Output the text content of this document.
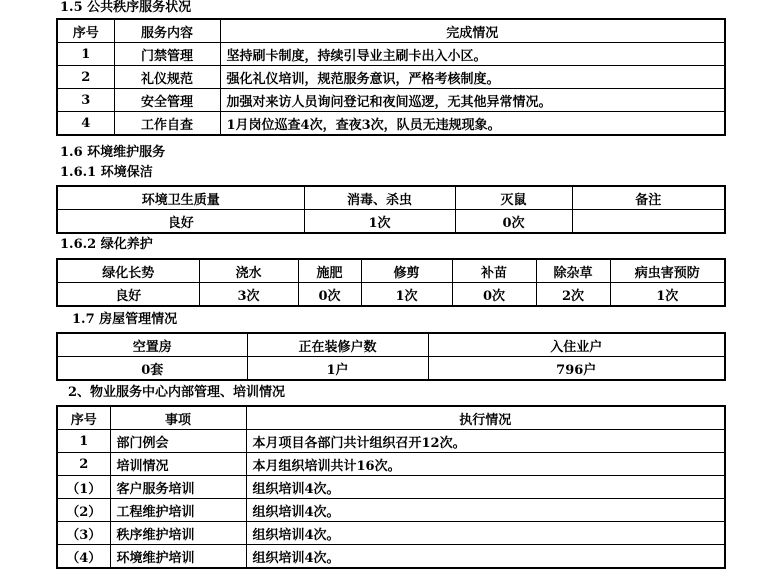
1.5 公共秩序服务状况
序号	服务内容	完成情况
1	门禁管理	坚持刷卡制度，持续引导业主刷卡出入小区。
2	礼仪规范	强化礼仪培训，规范服务意识，严格考核制度。
3	安全管理	加强对来访人员询问登记和夜间巡逻，无其他异常情况。
4	工作自查	1月岗位巡查4次，查夜3次，队员无违规现象。
1.6 环境维护服务
1.6.1 环境保洁
环境卫生质量	消毒、杀虫	灭鼠	备注
良好	1次	0次	
1.6.2 绿化养护
绿化长势	浇水	施肥	修剪	补苗	除杂草	病虫害预防
良好	3次	0次	1次	0次	2次	1次
1.7 房屋管理情况
空置房	正在装修户数	入住业户
0套	1户	796户
2、物业服务中心内部管理、培训情况
序号	事项	执行情况
1	部门例会	本月项目各部门共计组织召开12次。
2	培训情况	本月组织培训共计16次。
（1）	客户服务培训	组织培训4次。
（2）	工程维护培训	组织培训4次。
（3）	秩序维护培训	组织培训4次。
（4）	环境维护培训	组织培训4次。
